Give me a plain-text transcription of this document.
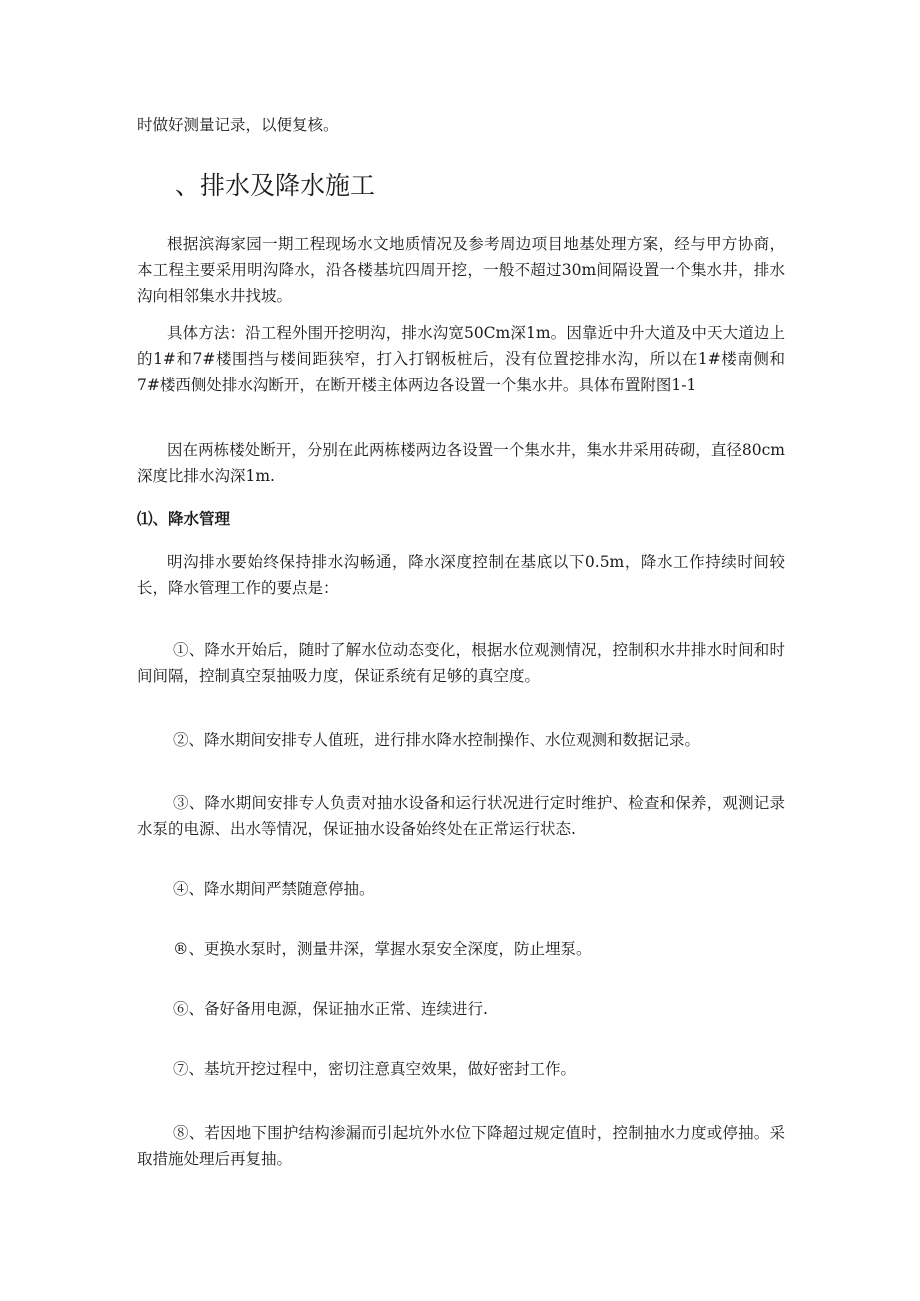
时做好测量记录，以便复核。

、排水及降水施工

根据滨海家园一期工程现场水文地质情况及参考周边项目地基处理方案，经与甲方协商，本工程主要采用明沟降水，沿各楼基坑四周开挖，一般不超过30m间隔设置一个集水井，排水沟向相邻集水井找坡。

具体方法：沿工程外围开挖明沟，排水沟宽50Cm深1m。因靠近中升大道及中天大道边上的1#和7#楼围挡与楼间距狭窄，打入打钢板桩后，没有位置挖排水沟，所以在1#楼南侧和7#楼西侧处排水沟断开，在断开楼主体两边各设置一个集水井。具体布置附图1-1

因在两栋楼处断开，分别在此两栋楼两边各设置一个集水井，集水井采用砖砌，直径80cm深度比排水沟深1m.

⑴、降水管理

明沟排水要始终保持排水沟畅通，降水深度控制在基底以下0.5m，降水工作持续时间较长，降水管理工作的要点是：

①、降水开始后，随时了解水位动态变化，根据水位观测情况，控制积水井排水时间和时间间隔，控制真空泵抽吸力度，保证系统有足够的真空度。

②、降水期间安排专人值班，进行排水降水控制操作、水位观测和数据记录。

③、降水期间安排专人负责对抽水设备和运行状况进行定时维护、检查和保养，观测记录水泵的电源、出水等情况，保证抽水设备始终处在正常运行状态.

④、降水期间严禁随意停抽。

®、更换水泵时，测量井深，掌握水泵安全深度，防止埋泵。

⑥、备好备用电源，保证抽水正常、连续进行.

⑦、基坑开挖过程中，密切注意真空效果，做好密封工作。

⑧、若因地下围护结构渗漏而引起坑外水位下降超过规定值时，控制抽水力度或停抽。采取措施处理后再复抽。
